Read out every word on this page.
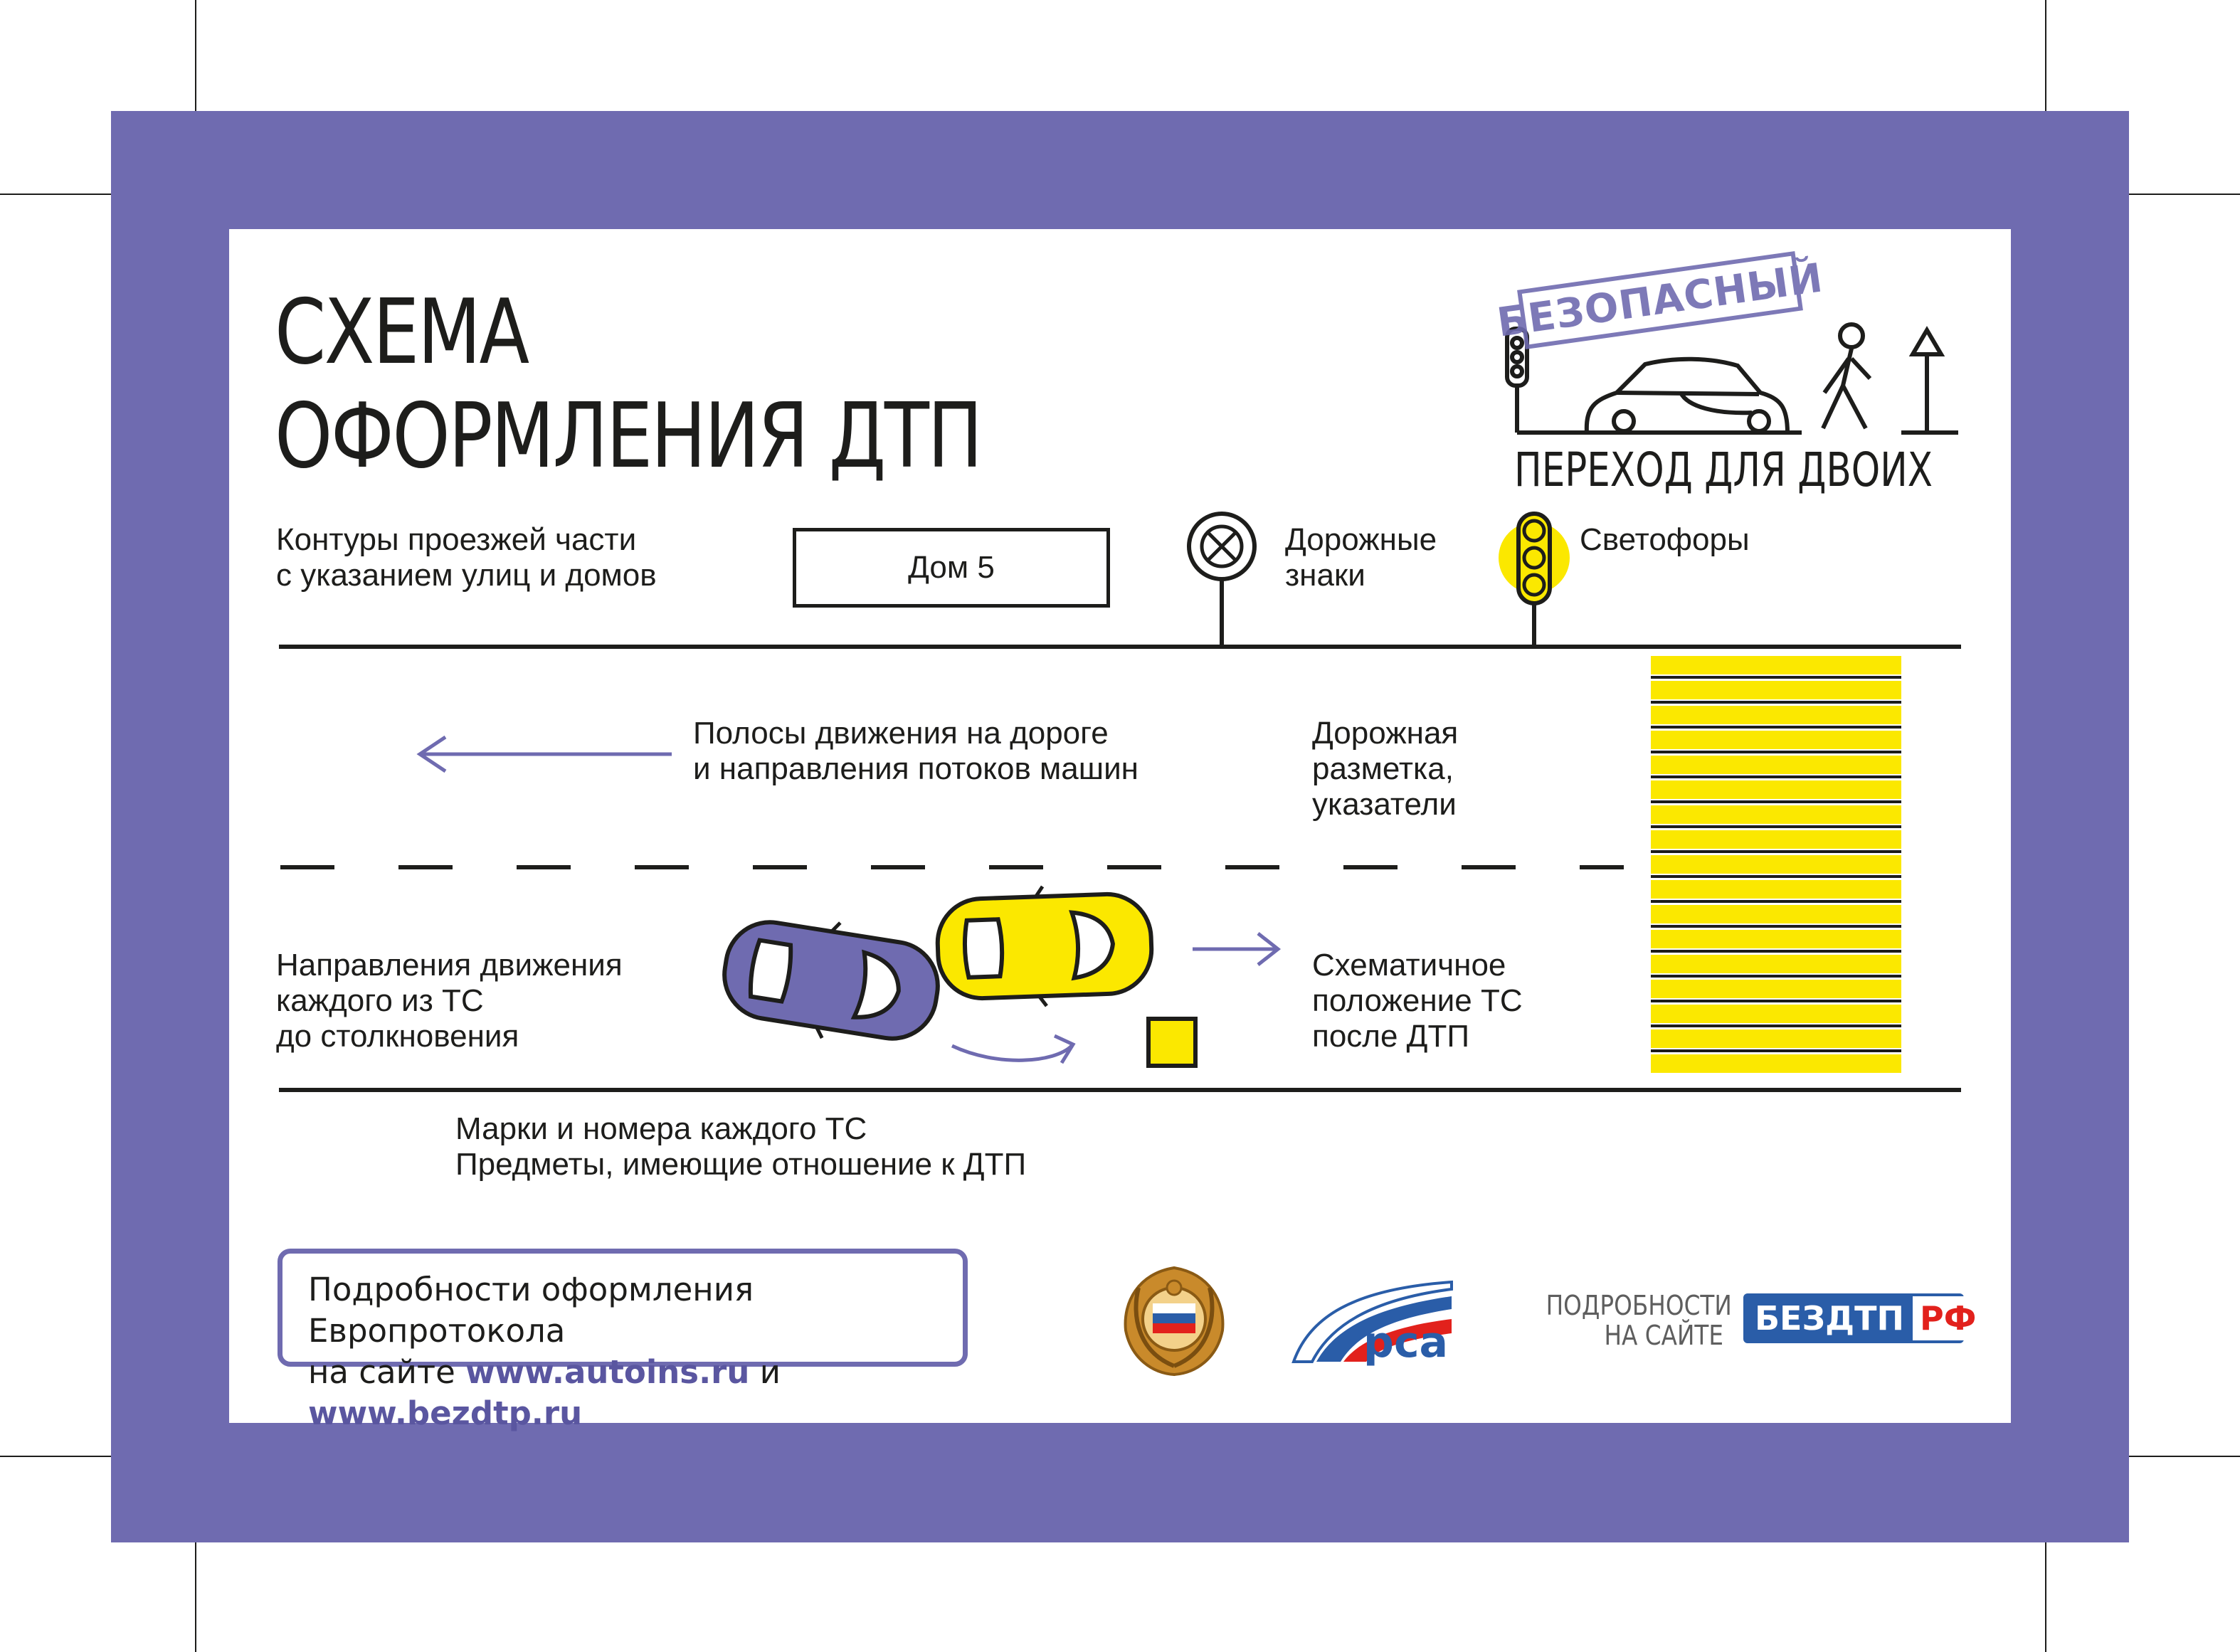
СХЕМА
ОФОРМЛЕНИЯ ДТП
БЕЗОПАСНЫЙ
ПЕРЕХОД ДЛЯ ДВОИХ
Контуры проезжей части
с указанием улиц и домов	Дом 5
Дорожные
знаки
Светофоры
Полосы движения на дороге
и направления потоков машин
Дорожная
разметка,
указатели
Направления движения
каждого из ТС
до столкновения
Схематичное
положение ТС
после ДТП
Марки и номера каждого ТС
Предметы, имеющие отношение к ДТП
Подробности оформления Европротокола
на сайте www.autoins.ru и www.bezdtp.ru
рса
ПОДРОБНОСТИ
НА САЙТЕ БЕЗДТП РФ
